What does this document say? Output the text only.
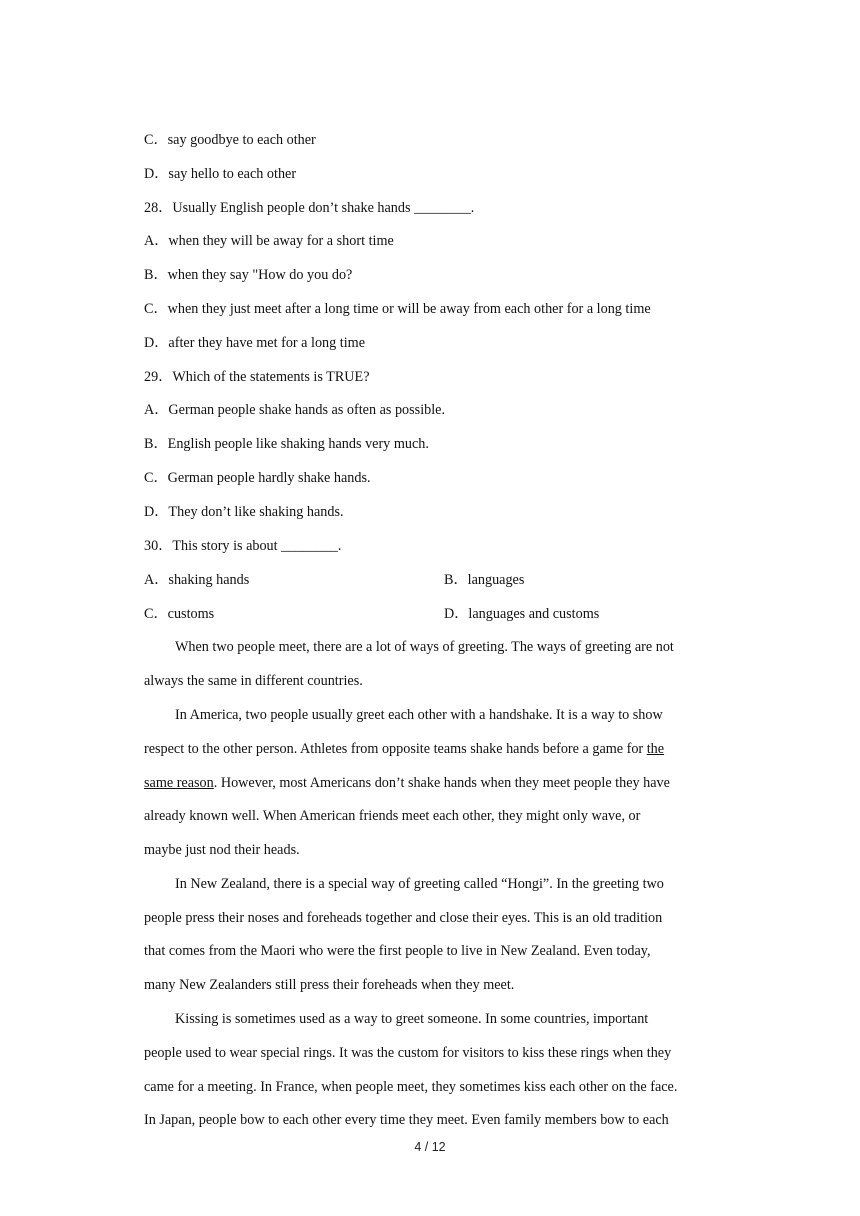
C．say goodbye to each other
D．say hello to each other
28．Usually English people don’t shake hands ________.
A．when they will be away for a short time
B．when they say "How do you do?
C．when they just meet after a long time or will be away from each other for a long time
D．after they have met for a long time
29．Which of the statements is TRUE?
A．German people shake hands as often as possible.
B．English people like shaking hands very much.
C．German people hardly shake hands.
D．They don’t like shaking hands.
30．This story is about ________.
A．shaking hands	B．languages
C．customs	D．languages and customs
When two people meet, there are a lot of ways of greeting. The ways of greeting are not
always the same in different countries.
In America, two people usually greet each other with a handshake. It is a way to show
respect to the other person. Athletes from opposite teams shake hands before a game for the
same reason. However, most Americans don’t shake hands when they meet people they have
already known well. When American friends meet each other, they might only wave, or
maybe just nod their heads.
In New Zealand, there is a special way of greeting called “Hongi”. In the greeting two
people press their noses and foreheads together and close their eyes. This is an old tradition
that comes from the Maori who were the first people to live in New Zealand. Even today,
many New Zealanders still press their foreheads when they meet.
Kissing is sometimes used as a way to greet someone. In some countries, important
people used to wear special rings. It was the custom for visitors to kiss these rings when they
came for a meeting. In France, when people meet, they sometimes kiss each other on the face.
In Japan, people bow to each other every time they meet. Even family members bow to each
4 / 12
